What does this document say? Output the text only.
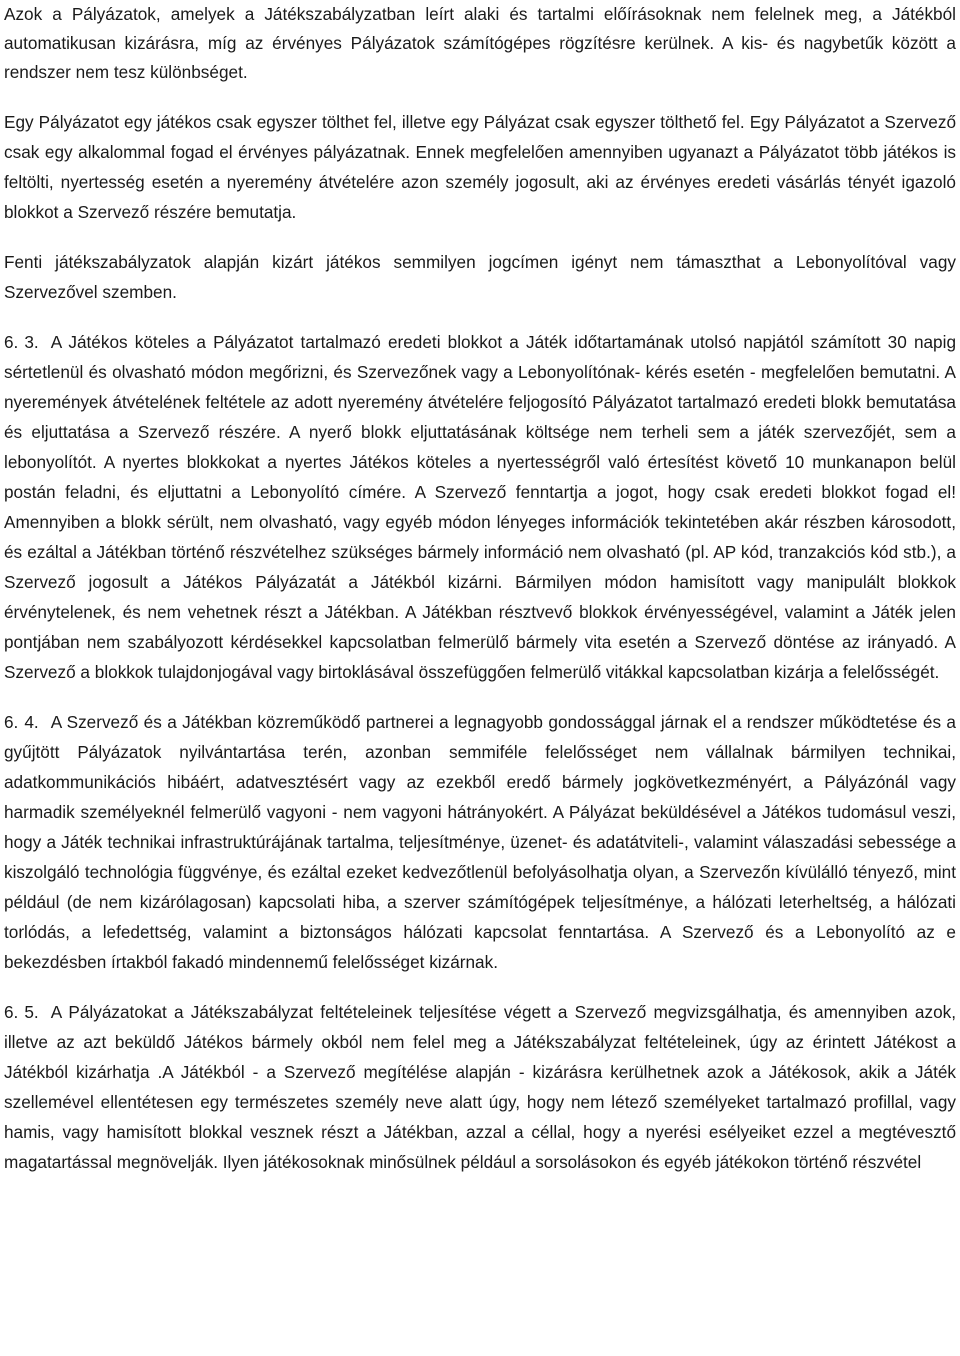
Azok a Pályázatok, amelyek a Játékszabályzatban leírt alaki és tartalmi előírásoknak nem felelnek meg, a Játékból automatikusan kizárásra, míg az érvényes Pályázatok számítógépes rögzítésre kerülnek. A kis- és nagybetűk között a rendszer nem tesz különbséget.

Egy Pályázatot egy játékos csak egyszer tölthet fel, illetve egy Pályázat csak egyszer tölthető fel. Egy Pályázatot a Szervező csak egy alkalommal fogad el érvényes pályázatnak. Ennek megfelelően amennyiben ugyanazt a Pályázatot több játékos is feltölti, nyertesség esetén a nyeremény átvételére azon személy jogosult, aki az érvényes eredeti vásárlás tényét igazoló blokkot a Szervező részére bemutatja.

Fenti játékszabályzatok alapján kizárt játékos semmilyen jogcímen igényt nem támaszthat a Lebonyolítóval vagy Szervezővel szemben.

6. 3. A Játékos köteles a Pályázatot tartalmazó eredeti blokkot a Játék időtartamának utolsó napjától számított 30 napig sértetlenül és olvasható módon megőrizni, és Szervezőnek vagy a Lebonyolítónak- kérés esetén - megfelelően bemutatni. A nyeremények átvételének feltétele az adott nyeremény átvételére feljogosító Pályázatot tartalmazó eredeti blokk bemutatása és eljuttatása a Szervező részére. A nyerő blokk eljuttatásának költsége nem terheli sem a játék szervezőjét, sem a lebonyolítót. A nyertes blokkokat a nyertes Játékos köteles a nyertességről való értesítést követő 10 munkanapon belül postán feladni, és eljuttatni a Lebonyolító címére. A Szervező fenntartja a jogot, hogy csak eredeti blokkot fogad el! Amennyiben a blokk sérült, nem olvasható, vagy egyéb módon lényeges információk tekintetében akár részben károsodott, és ezáltal a Játékban történő részvételhez szükséges bármely információ nem olvasható (pl. AP kód, tranzakciós kód stb.), a Szervező jogosult a Játékos Pályázatát a Játékból kizárni. Bármilyen módon hamisított vagy manipulált blokkok érvénytelenek, és nem vehetnek részt a Játékban. A Játékban résztvevő blokkok érvényességével, valamint a Játék jelen pontjában nem szabályozott kérdésekkel kapcsolatban felmerülő bármely vita esetén a Szervező döntése az irányadó. A Szervező a blokkok tulajdonjogával vagy birtoklásával összefüggően felmerülő vitákkal kapcsolatban kizárja a felelősségét.

6. 4. A Szervező és a Játékban közreműködő partnerei a legnagyobb gondossággal járnak el a rendszer működtetése és a gyűjtött Pályázatok nyilvántartása terén, azonban semmiféle felelősséget nem vállalnak bármilyen technikai, adatkommunikációs hibáért, adatvesztésért vagy az ezekből eredő bármely jogkövetkezményért, a Pályázónál vagy harmadik személyeknél felmerülő vagyoni - nem vagyoni hátrányokért. A Pályázat beküldésével a Játékos tudomásul veszi, hogy a Játék technikai infrastruktúrájának tartalma, teljesítménye, üzenet- és adatátviteli-, valamint válaszadási sebessége a kiszolgáló technológia függvénye, és ezáltal ezeket kedvezőtlenül befolyásolhatja olyan, a Szervezőn kívülálló tényező, mint például (de nem kizárólagosan) kapcsolati hiba, a szerver számítógépek teljesítménye, a hálózati leterheltség, a hálózati torlódás, a lefedettség, valamint a biztonságos hálózati kapcsolat fenntartása. A Szervező és a Lebonyolító az e bekezdésben írtakból fakadó mindennemű felelősséget kizárnak.

6. 5. A Pályázatokat a Játékszabályzat feltételeinek teljesítése végett a Szervező megvizsgálhatja, és amennyiben azok, illetve az azt beküldő Játékos bármely okból nem felel meg a Játékszabályzat feltételeinek, úgy az érintett Játékost a Játékból kizárhatja .A Játékból - a Szervező megítélése alapján - kizárásra kerülhetnek azok a Játékosok, akik a Játék szellemével ellentétesen egy természetes személy neve alatt úgy, hogy nem létező személyeket tartalmazó profillal, vagy hamis, vagy hamisított blokkal vesznek részt a Játékban, azzal a céllal, hogy a nyerési esélyeiket ezzel a megtévesztő magatartással megnövelják. Ilyen játékosoknak minősülnek például a sorsolásokon és egyéb játékokon történő részvétel
